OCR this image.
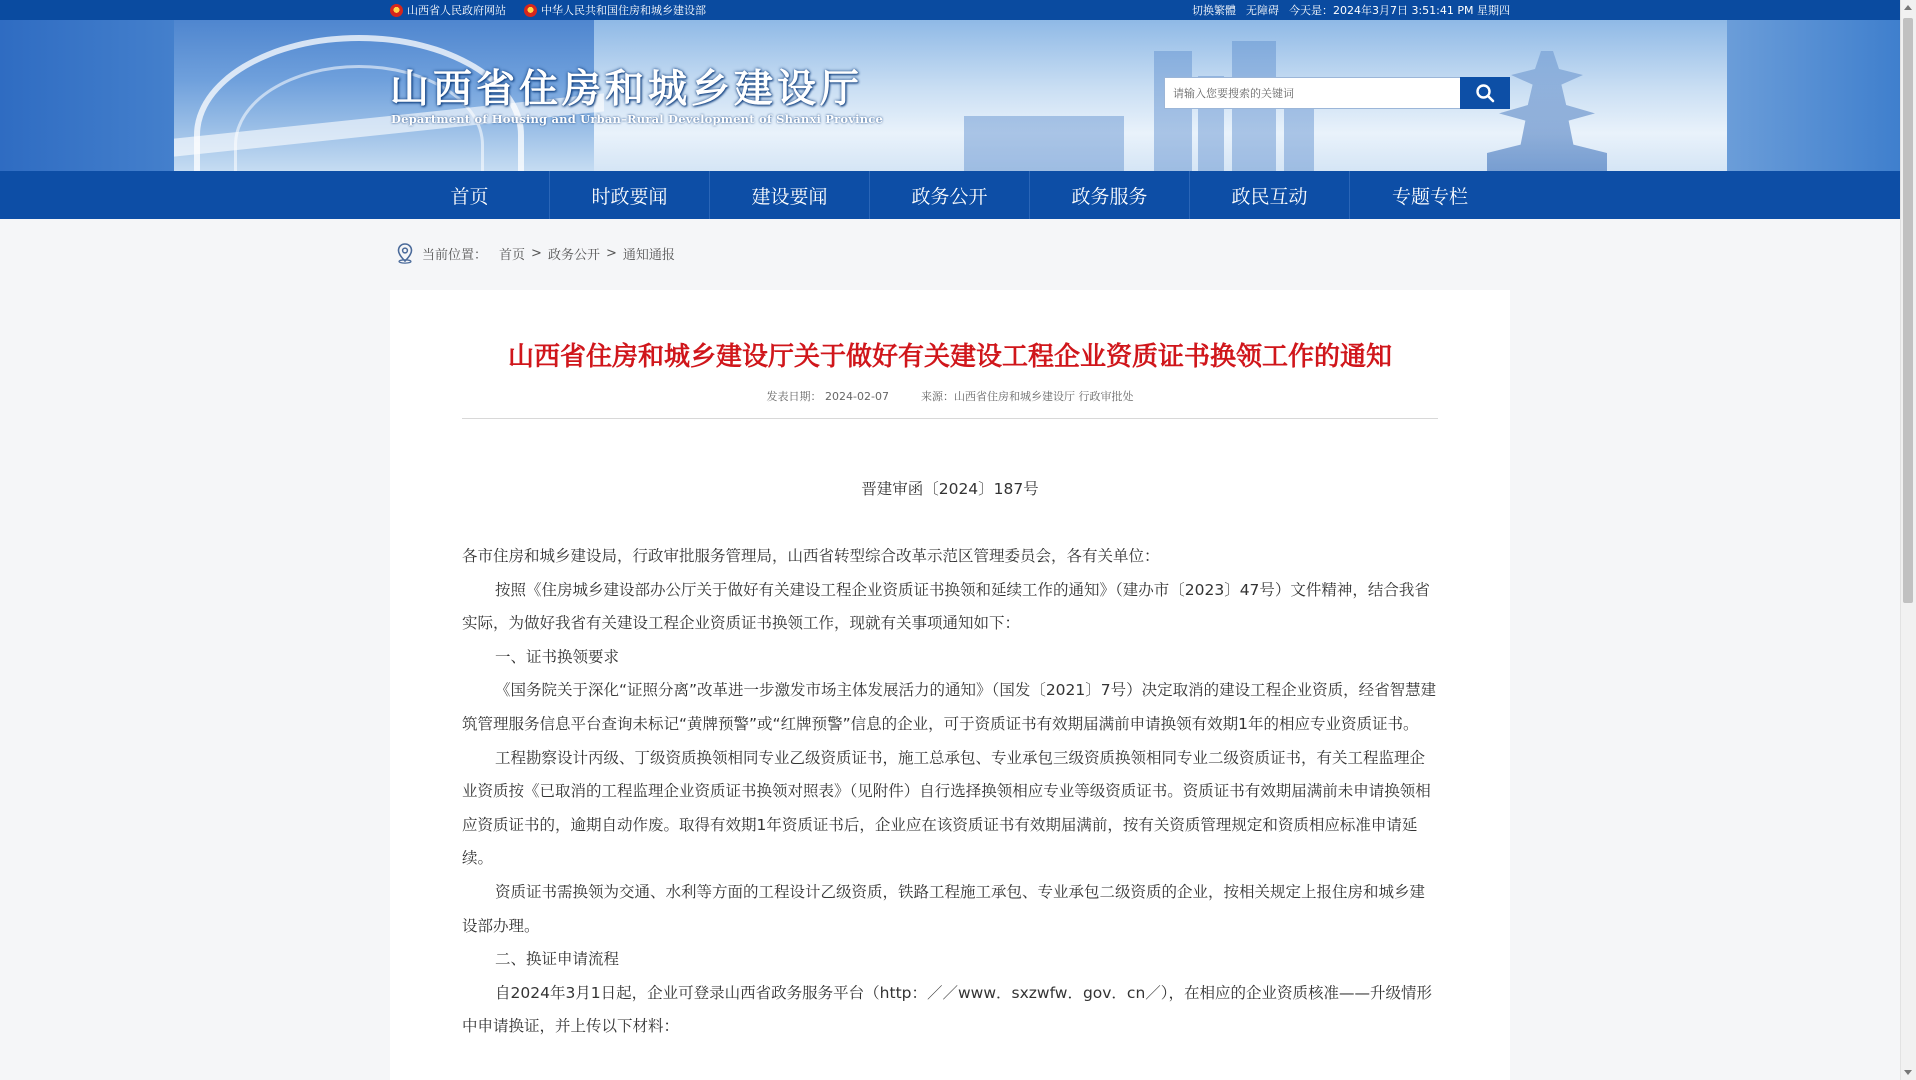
山西省人民政府网站	中华人民共和国住房和城乡建设部	切换繁體 无障碍 今天是：2024年3月7日 3:51:41 PM 星期四
山西省住房和城乡建设厅
Department of Housing and Urban–Rural Development of Shanxi Province
请输入您要搜索的关键词
首页	时政要闻	建设要闻	政务公开	政务服务	政民互动	专题专栏
当前位置： 首页 > 政务公开 > 通知通报
山西省住房和城乡建设厅关于做好有关建设工程企业资质证书换领工作的通知
发表日期： 2024-02-07	来源：山西省住房和城乡建设厅 行政审批处
晋建审函〔2024〕187号

各市住房和城乡建设局，行政审批服务管理局，山西省转型综合改革示范区管理委员会，各有关单位：

按照《住房城乡建设部办公厅关于做好有关建设工程企业资质证书换领和延续工作的通知》（建办市〔2023〕47号）文件精神，结合我省实际，为做好我省有关建设工程企业资质证书换领工作，现就有关事项通知如下：

一、证书换领要求

《国务院关于深化“证照分离”改革进一步激发市场主体发展活力的通知》（国发〔2021〕7号）决定取消的建设工程企业资质，经省智慧建筑管理服务信息平台查询未标记“黄牌预警”或“红牌预警”信息的企业，可于资质证书有效期届满前申请换领有效期1年的相应专业资质证书。

工程勘察设计丙级、丁级资质换领相同专业乙级资质证书，施工总承包、专业承包三级资质换领相同专业二级资质证书，有关工程监理企业资质按《已取消的工程监理企业资质证书换领对照表》（见附件）自行选择换领相应专业等级资质证书。资质证书有效期届满前未申请换领相应资质证书的，逾期自动作废。取得有效期1年资质证书后，企业应在该资质证书有效期届满前，按有关资质管理规定和资质相应标准申请延续。

资质证书需换领为交通、水利等方面的工程设计乙级资质，铁路工程施工承包、专业承包二级资质的企业，按相关规定上报住房和城乡建设部办理。

二、换证申请流程

自2024年3月1日起，企业可登录山西省政务服务平台（http：／／www．sxzwfw．gov．cn／），在相应的企业资质核准——升级情形中申请换证，并上传以下材料：
